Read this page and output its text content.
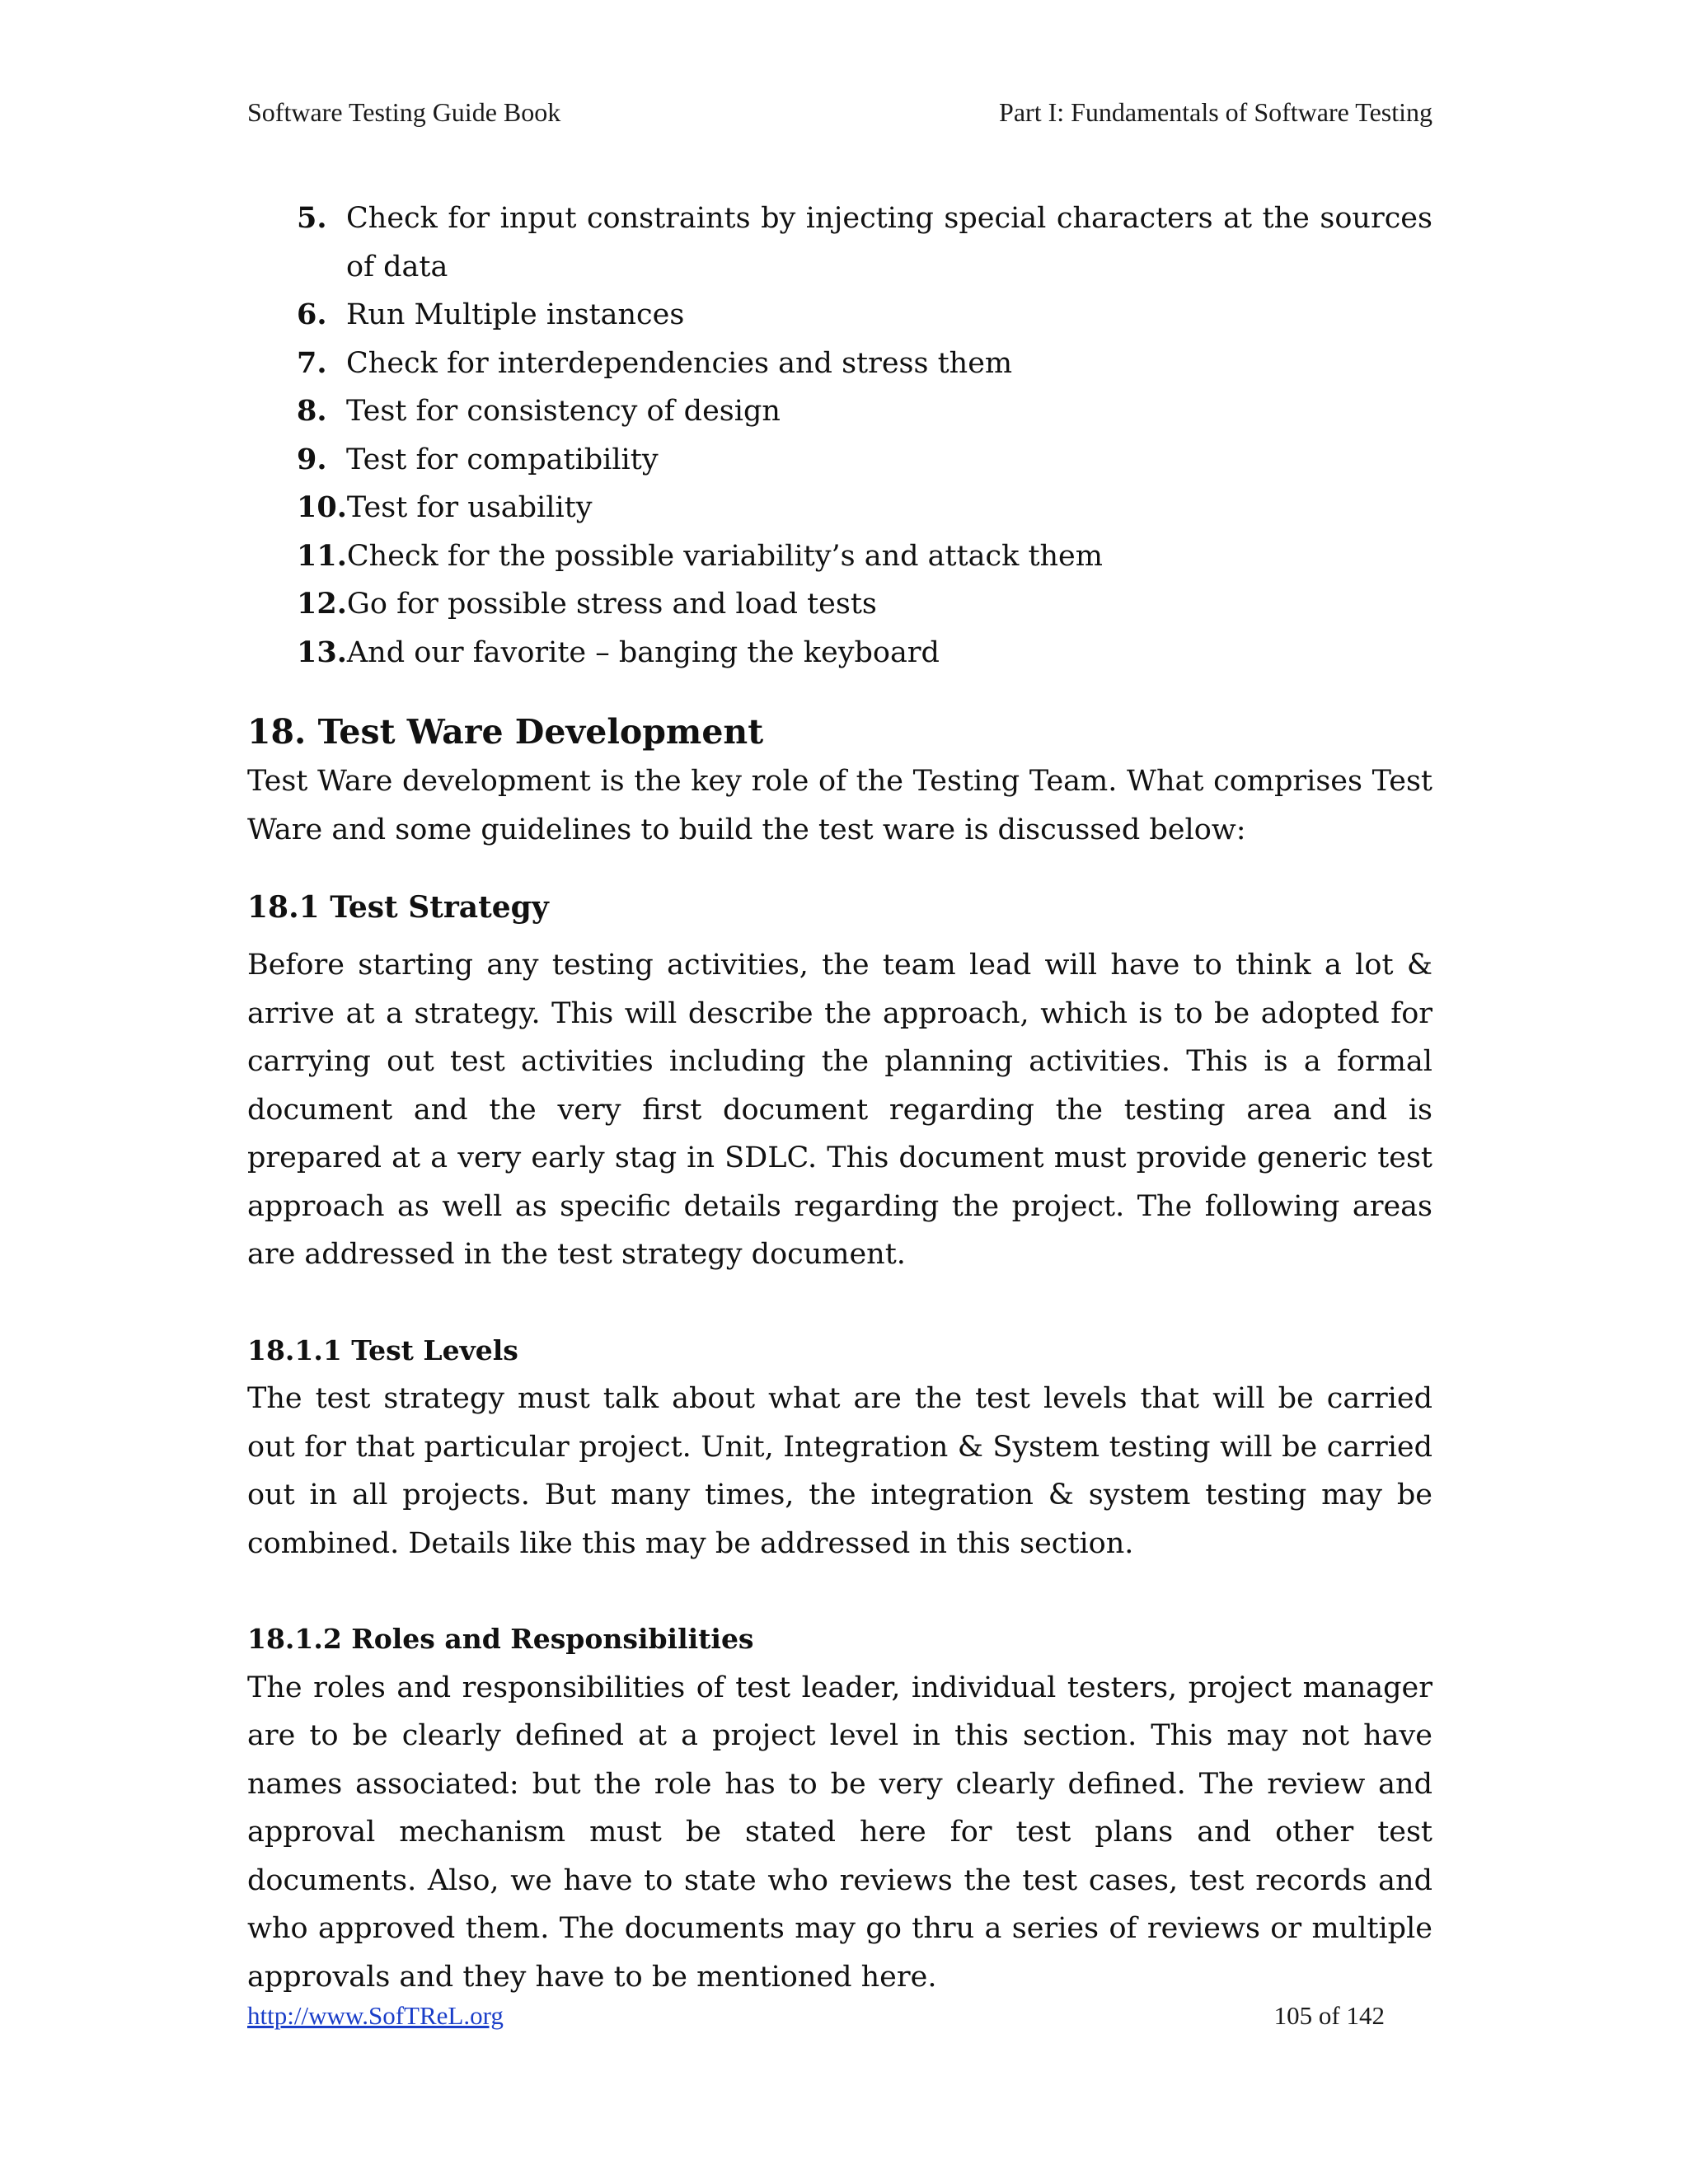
Software Testing Guide Book	Part I: Fundamentals of Software Testing
5. Check for input constraints by injecting special characters at the sources of data
6. Run Multiple instances
7. Check for interdependencies and stress them
8. Test for consistency of design
9. Test for compatibility
10. Test for usability
11. Check for the possible variability’s and attack them
12. Go for possible stress and load tests
13. And our favorite – banging the keyboard
18. Test Ware Development

Test Ware development is the key role of the Testing Team. What comprises Test Ware and some guidelines to build the test ware is discussed below:

18.1 Test Strategy

Before starting any testing activities, the team lead will have to think a lot & arrive at a strategy. This will describe the approach, which is to be adopted for carrying out test activities including the planning activities. This is a formal document and the very first document regarding the testing area and is prepared at a very early stag in SDLC. This document must provide generic test approach as well as specific details regarding the project. The following areas are addressed in the test strategy document.

18.1.1 Test Levels

The test strategy must talk about what are the test levels that will be carried out for that particular project. Unit, Integration & System testing will be carried out in all projects. But many times, the integration & system testing may be combined. Details like this may be addressed in this section.

18.1.2 Roles and Responsibilities

The roles and responsibilities of test leader, individual testers, project manager are to be clearly defined at a project level in this section. This may not have names associated: but the role has to be very clearly defined. The review and approval mechanism must be stated here for test plans and other test documents. Also, we have to state who reviews the test cases, test records and who approved them. The documents may go thru a series of reviews or multiple approvals and they have to be mentioned here.

http://www.SofTReL.org	105 of 142
